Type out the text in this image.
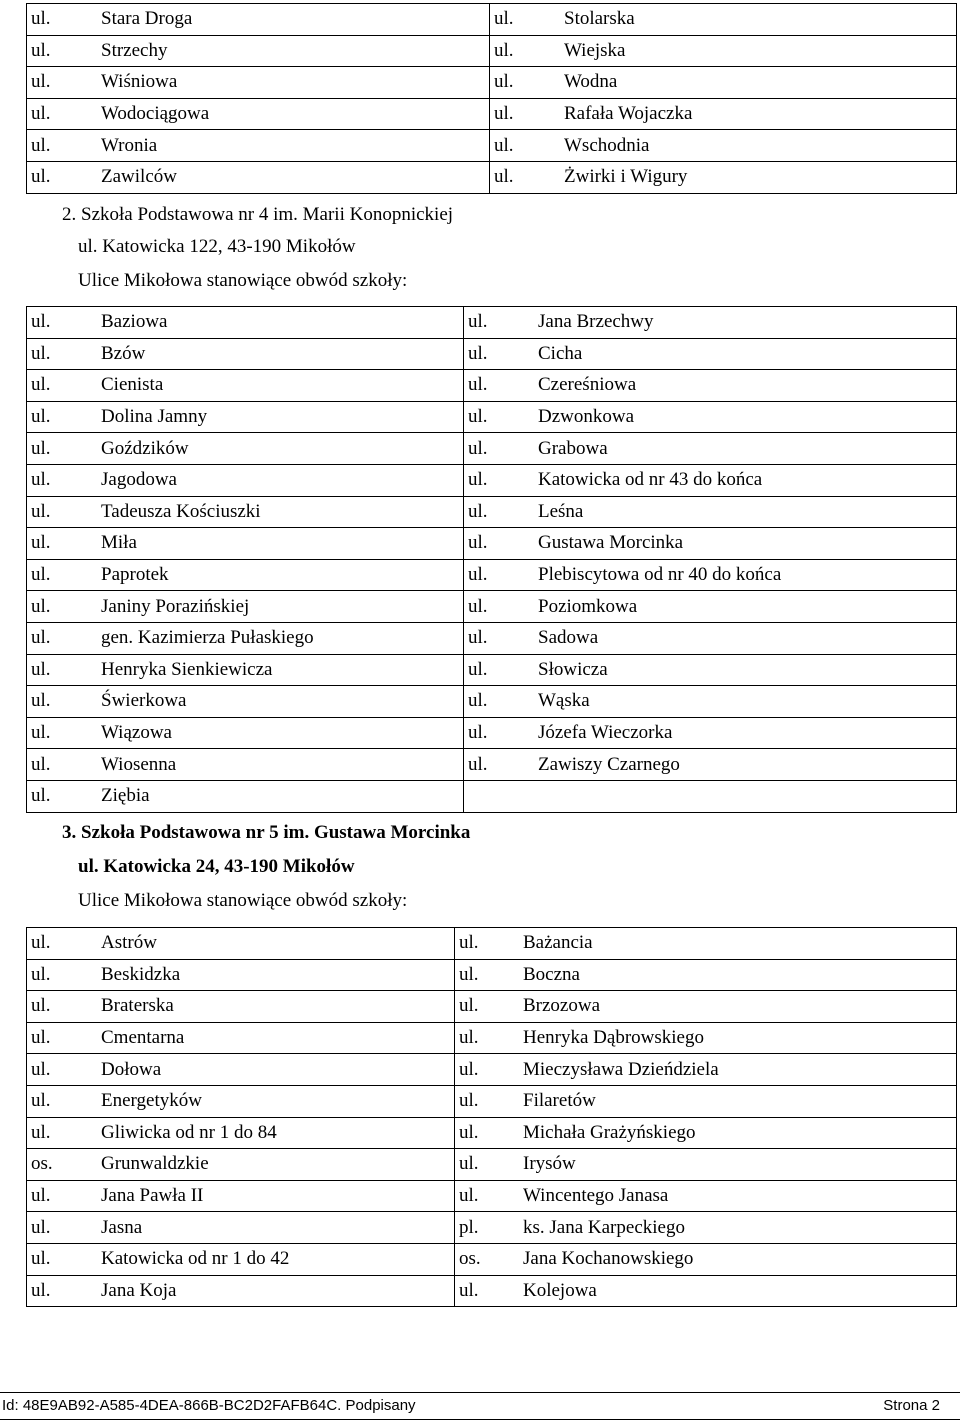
ul. Stara Droga	ul. Stolarska

ul. Strzechy	ul. Wiejska

ul. Wiśniowa	ul. Wodna

ul. Wodociągowa	ul. Rafała Wojaczka

ul. Wronia	ul. Wschodnia

ul. Zawilców	ul. Żwirki i Wigury
2. Szkoła Podstawowa nr 4 im. Marii Konopnickiej
ul. Katowicka 122, 43-190 Mikołów
Ulice Mikołowa stanowiące obwód szkoły:
ul. Baziowa	ul. Jana Brzechwy

ul. Bzów	ul. Cicha

ul. Cienista	ul. Czereśniowa

ul. Dolina Jamny	ul. Dzwonkowa

ul. Goździków	ul. Grabowa

ul. Jagodowa	ul. Katowicka od nr 43 do końca

ul. Tadeusza Kościuszki	ul. Leśna

ul. Miła	ul. Gustawa Morcinka

ul. Paprotek	ul. Plebiscytowa od nr 40 do końca

ul. Janiny Porazińskiej	ul. Poziomkowa

ul. gen. Kazimierza Pułaskiego	ul. Sadowa

ul. Henryka Sienkiewicza	ul. Słowicza

ul. Świerkowa	ul. Wąska

ul. Wiązowa	ul. Józefa Wieczorka

ul. Wiosenna	ul. Zawiszy Czarnego

ul. Ziębia	

3. Szkoła Podstawowa nr 5 im. Gustawa Morcinka
ul. Katowicka 24, 43-190 Mikołów
Ulice Mikołowa stanowiące obwód szkoły:
ul. Astrów	ul. Bażancia

ul. Beskidzka	ul. Boczna

ul. Braterska	ul. Brzozowa

ul. Cmentarna	ul. Henryka Dąbrowskiego

ul. Dołowa	ul. Mieczysława Dzieńdziela

ul. Energetyków	ul. Filaretów

ul. Gliwicka od nr 1 do 84	ul. Michała Grażyńskiego

os. Grunwaldzkie	ul. Irysów

ul. Jana Pawła II	ul. Wincentego Janasa

ul. Jasna	pl. ks. Jana Karpeckiego

ul. Katowicka od nr 1 do 42	os. Jana Kochanowskiego

ul. Jana Koja	ul. Kolejowa
Id: 48E9AB92-A585-4DEA-866B-BC2D2FAFB64C. Podpisany	Strona 2
